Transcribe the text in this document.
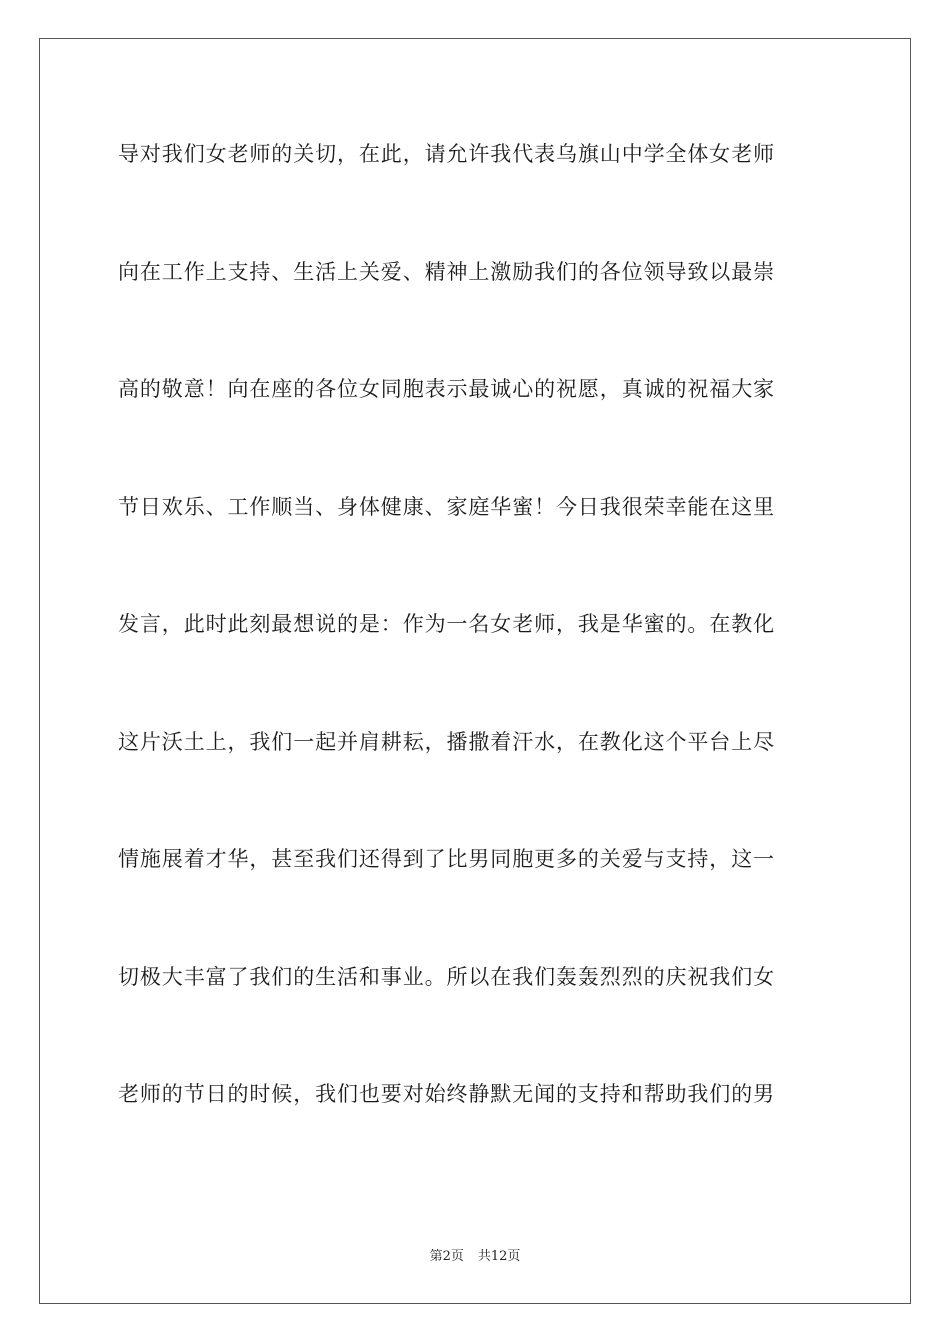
导对我们女老师的关切，在此，请允许我代表乌旗山中学全体女老师
向在工作上支持、生活上关爱、精神上激励我们的各位领导致以最崇
高的敬意！向在座的各位女同胞表示最诚心的祝愿，真诚的祝福大家
节日欢乐、工作顺当、身体健康、家庭华蜜！今日我很荣幸能在这里
发言，此时此刻最想说的是：作为一名女老师，我是华蜜的。在教化
这片沃土上，我们一起并肩耕耘，播撒着汗水，在教化这个平台上尽
情施展着才华，甚至我们还得到了比男同胞更多的关爱与支持，这一
切极大丰富了我们的生活和事业。所以在我们轰轰烈烈的庆祝我们女
老师的节日的时候，我们也要对始终静默无闻的支持和帮助我们的男
第2页 共12页
